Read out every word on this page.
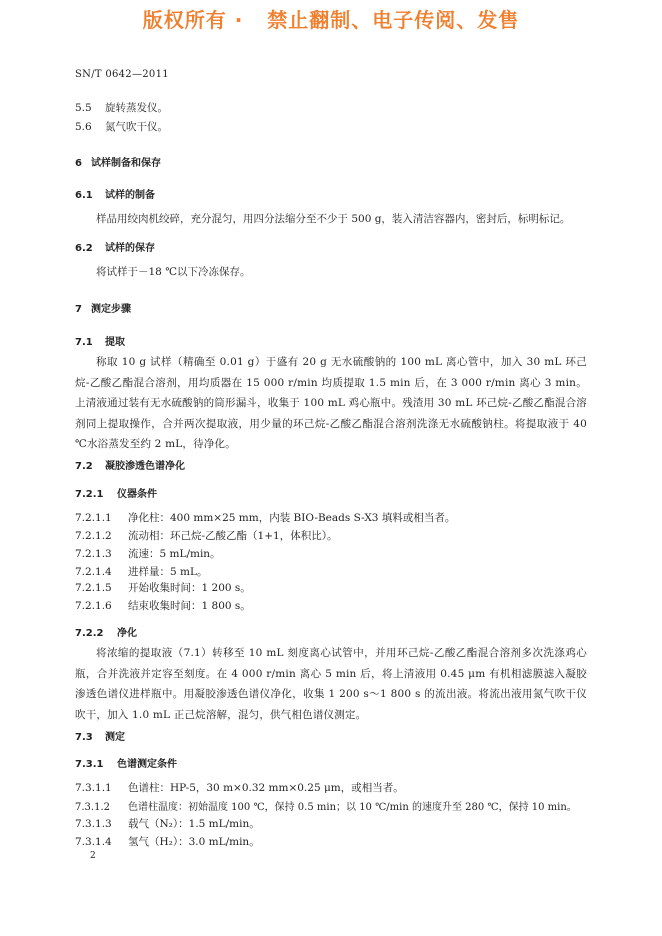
版权所有 ·   禁止翻制、电子传阅、发售
SN/T 0642—2011
5.5 旋转蒸发仪。
5.6 氮气吹干仪。
6 试样制备和保存
6.1 试样的制备
样品用绞肉机绞碎，充分混匀，用四分法缩分至不少于 500 g，装入清洁容器内，密封后，标明标记。
6.2 试样的保存
将试样于－18 ℃以下冷冻保存。
7 测定步骤
7.1 提取
称取 10 g 试样（精确至 0.01 g）于盛有 20 g 无水硫酸钠的 100 mL 离心管中，加入 30 mL 环己烷-乙酸乙酯混合溶剂，用均质器在 15 000 r/min 均质提取 1.5 min 后，在 3 000 r/min 离心 3 min。上清液通过装有无水硫酸钠的筒形漏斗，收集于 100 mL 鸡心瓶中。残渣用 30 mL 环己烷-乙酸乙酯混合溶剂同上提取操作，合并两次提取液，用少量的环己烷-乙酸乙酯混合溶剂洗涤无水硫酸钠柱。将提取液于 40 ℃水浴蒸发至约 2 mL，待净化。
7.2 凝胶渗透色谱净化
7.2.1 仪器条件
7.2.1.1 净化柱：400 mm×25 mm，内装 BIO-Beads S-X3 填料或相当者。
7.2.1.2 流动相：环己烷-乙酸乙酯（1+1，体积比）。
7.2.1.3 流速：5 mL/min。
7.2.1.4 进样量：5 mL。
7.2.1.5 开始收集时间：1 200 s。
7.2.1.6 结束收集时间：1 800 s。
7.2.2 净化
将浓缩的提取液（7.1）转移至 10 mL 刻度离心试管中，并用环己烷-乙酸乙酯混合溶剂多次洗涤鸡心瓶，合并洗液并定容至刻度。在 4 000 r/min 离心 5 min 后，将上清液用 0.45 μm 有机相滤膜滤入凝胶渗透色谱仪进样瓶中。用凝胶渗透色谱仪净化，收集 1 200 s～1 800 s 的流出液。将流出液用氮气吹干仪吹干，加入 1.0 mL 正己烷溶解，混匀，供气相色谱仪测定。
7.3 测定
7.3.1 色谱测定条件
7.3.1.1 色谱柱：HP-5，30 m×0.32 mm×0.25 μm，或相当者。
7.3.1.2 色谱柱温度：初始温度 100 ℃，保持 0.5 min；以 10 ℃/min 的速度升至 280 ℃，保持 10 min。
7.3.1.3 载气（N₂）：1.5 mL/min。
7.3.1.4 氢气（H₂）：3.0 mL/min。
2
